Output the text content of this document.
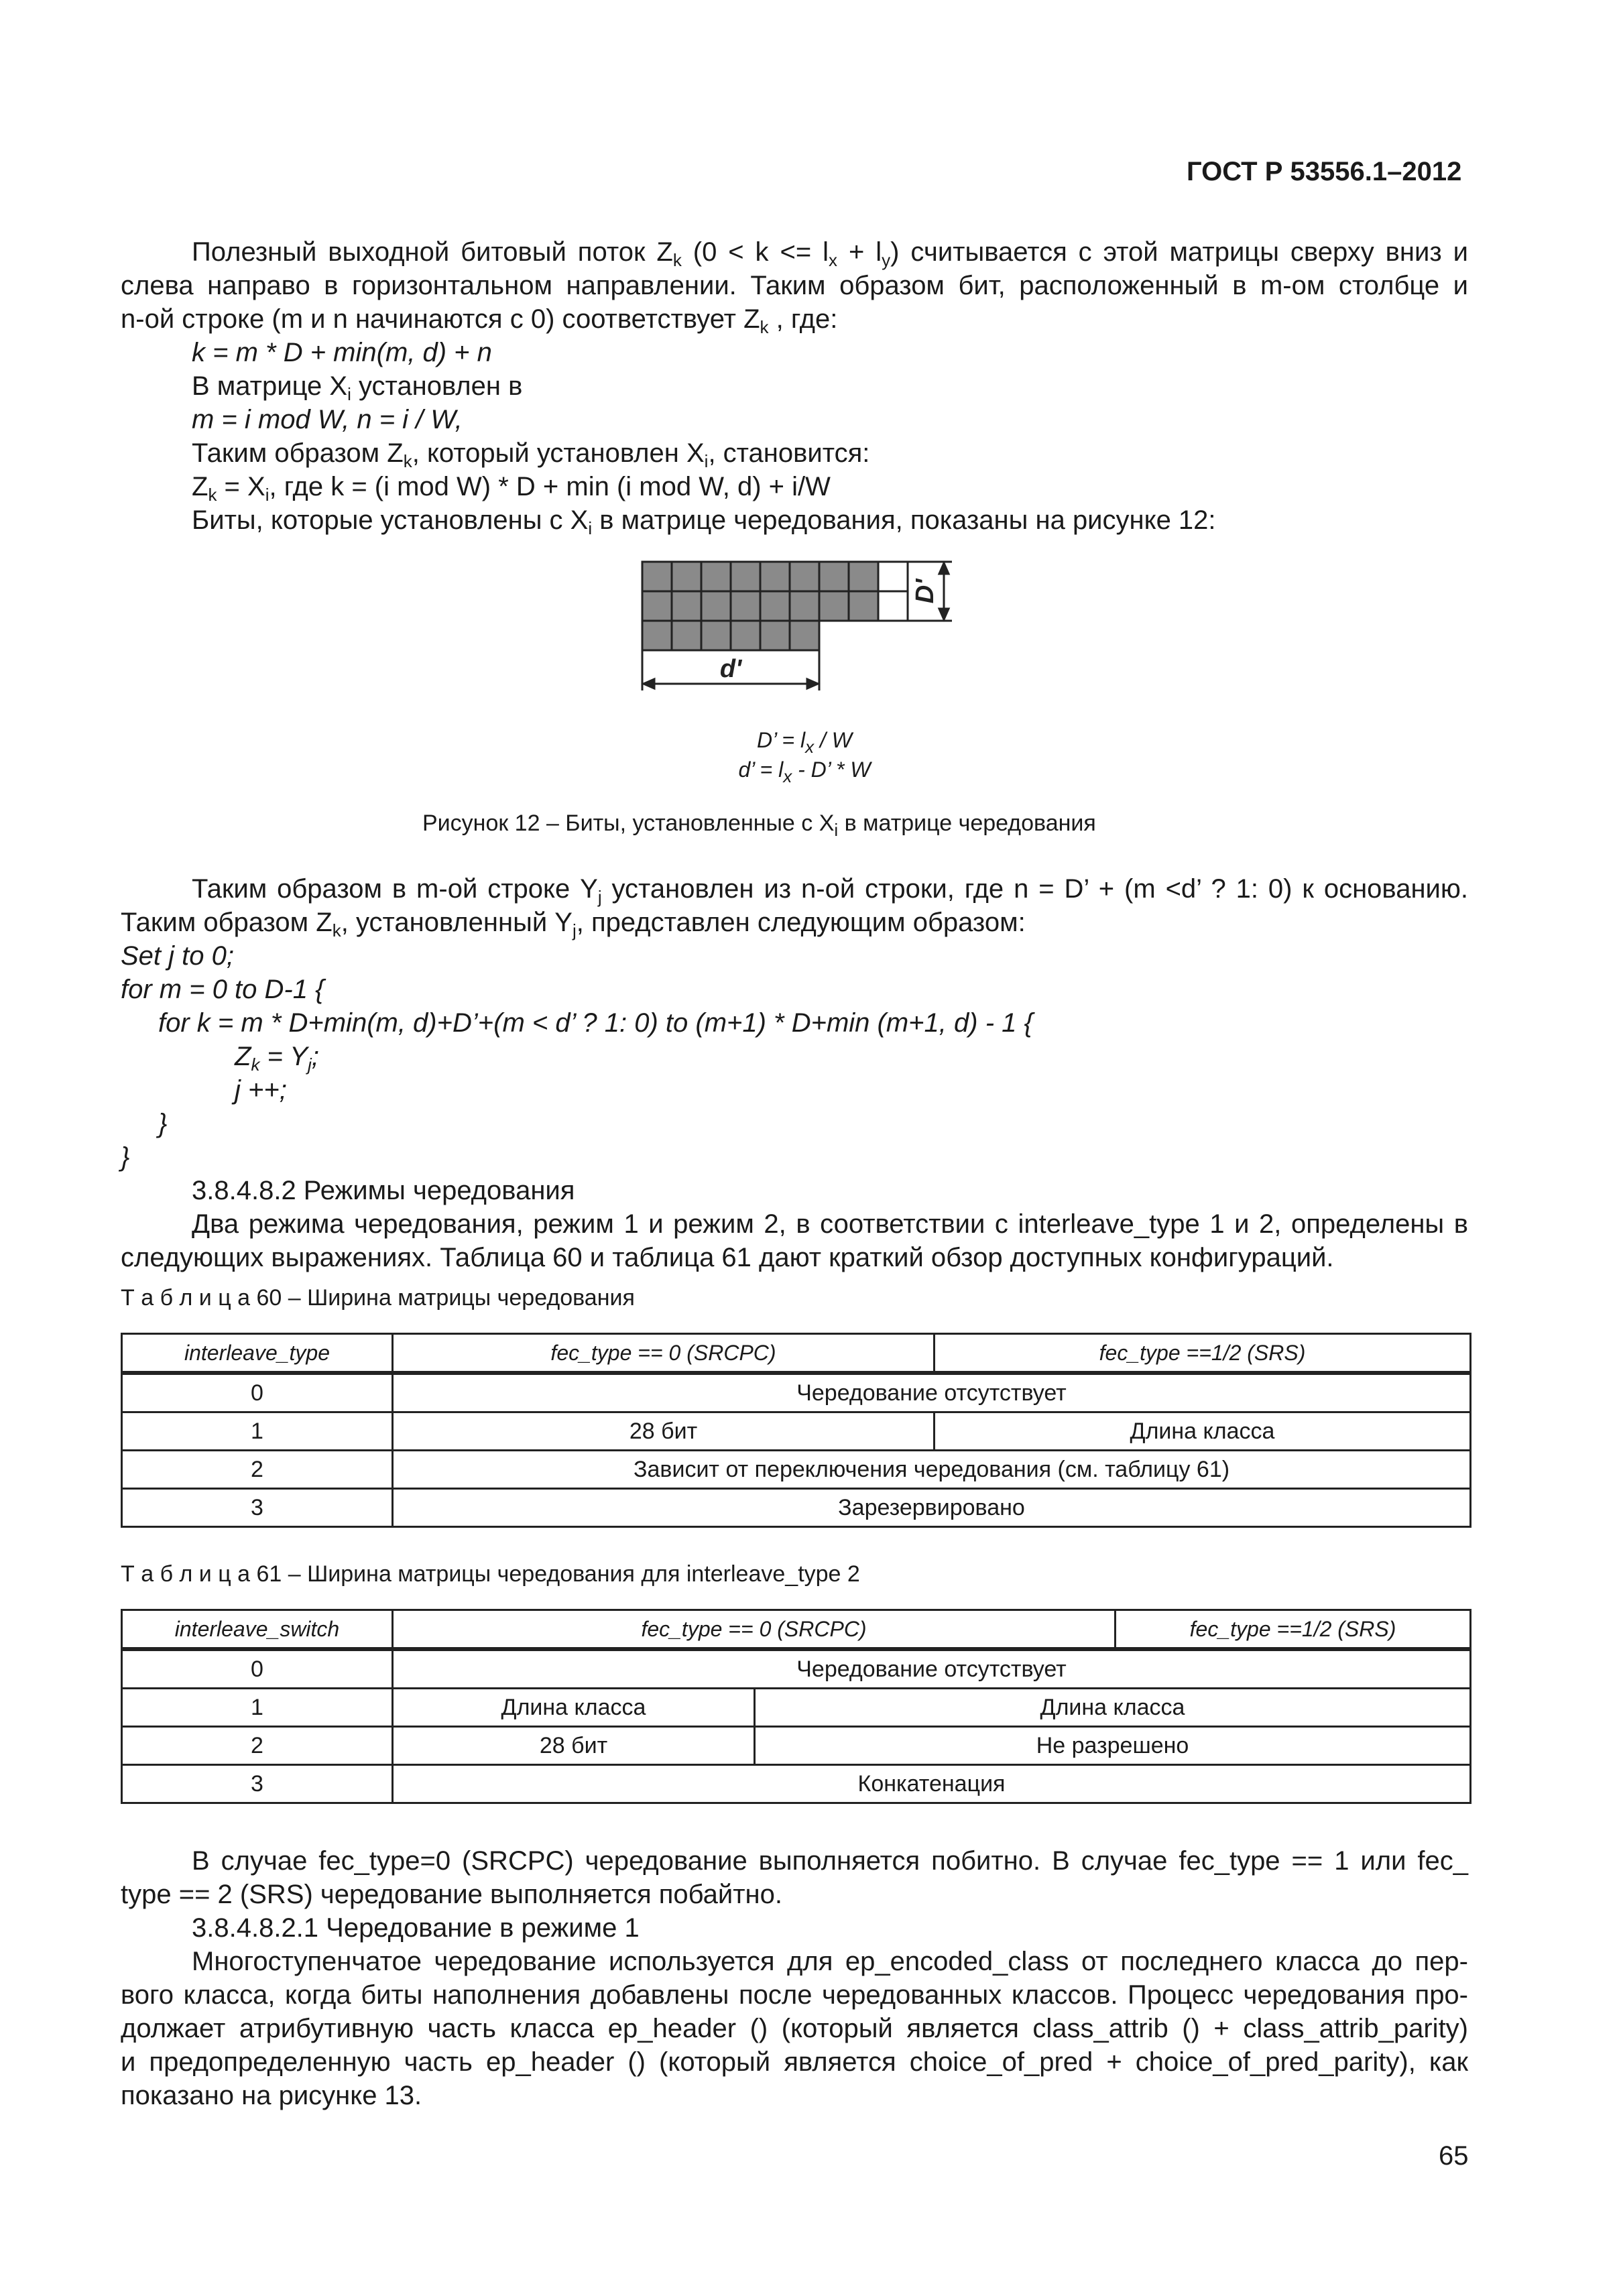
ГОСТ Р 53556.1–2012
Полезный выходной битовый поток $Z_k$ $(0 < k <= l_x + l_y)$ считывается с этой матрицы сверху вниз и
слева направо в горизонтальном направлении. Таким образом бит, расположенный в m-ом столбце и
n-ой строке (m и n начинаются с 0) соответствует $Z_k$ , где:
k = m * D + min(m, d) + n
В матрице $X_i$ установлен в
m = i mod W, n = i / W,
Таким образом $Z_k$, который установлен $X_i$, становится:
$Z_k = X_i$, где k = (i mod W) * D + min (i mod W, d) + i/W
Биты, которые установлены с $X_i$ в матрице чередования, показаны на рисунке 12:
D'
d'
D’ = $l_x$ / W
d’ = $l_x$ - D’ * W
Рисунок 12 – Биты, установленные с $X_i$ в матрице чередования
Таким образом в m-ой строке $Y_j$ установлен из n-ой строки, где n = D’ + (m <d’ ? 1: 0) к основанию.
Таким образом $Z_k$, установленный $Y_j$, представлен следующим образом:
Set j to 0;
for m = 0 to D-1 {
for k = m * D+min(m, d)+D’+(m < d’ ? 1: 0) to (m+1) * D+min (m+1, d) - 1 {
$Z_k = Y_j$;
j ++;
}
}
3.8.4.8.2 Режимы чередования
Два режима чередования, режим 1 и режим 2, в соответствии с interleave_type 1 и 2, определены в
следующих выражениях. Таблица 60 и таблица 61 дают краткий обзор доступных конфигураций.
Т а б л и ц а 60 – Ширина матрицы чередования
interleave_type	fec_type == 0 (SRCPC)	fec_type ==1/2 (SRS)
0	Чередование отсутствует	
1	28 бит	Длина класса
2	Зависит от переключения чередования (см. таблицу 61)	
3	Зарезервировано	
Т а б л и ц а 61 – Ширина матрицы чередования для interleave_type 2
interleave_switch	fec_type == 0 (SRCPC)		fec_type ==1/2 (SRS)
0	Чередование отсутствует		
1	Длина класса	Длина класса	
2	28 бит	Не разрешено	
3	Конкатенация		
В случае fec_type=0 (SRCPC) чередование выполняется побитно. В случае fec_type == 1 или fec_
type == 2 (SRS) чередование выполняется побайтно.
3.8.4.8.2.1 Чередование в режиме 1
Многоступенчатое чередование используется для ep_encoded_class от последнего класса до пер-
вого класса, когда биты наполнения добавлены после чередованных классов. Процесс чередования про-
должает атрибутивную часть класса ep_header () (который является class_attrib () + class_attrib_parity)
и предопределенную часть ep_header () (который является choice_of_pred + choice_of_pred_parity), как
показано на рисунке 13.
65
